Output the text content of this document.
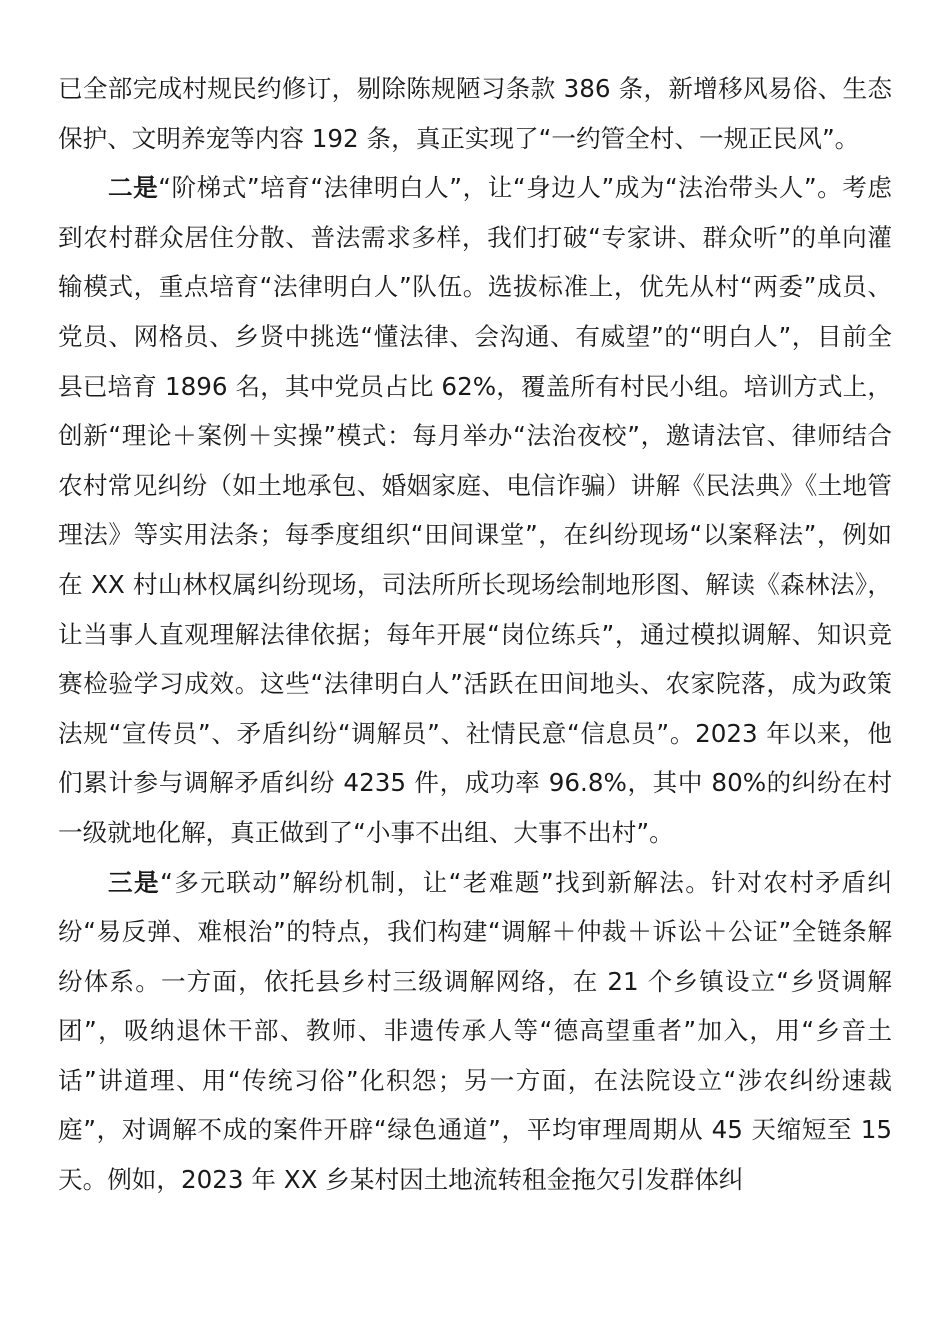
已全部完成村规民约修订，剔除陈规陋习条款 386 条，新增移风易俗、生态保护、文明养宠等内容 192 条，真正实现了“一约管全村、一规正民风”。

二是“阶梯式”培育“法律明白人”，让“身边人”成为“法治带头人”。考虑到农村群众居住分散、普法需求多样，我们打破“专家讲、群众听”的单向灌输模式，重点培育“法律明白人”队伍。选拔标准上，优先从村“两委”成员、党员、网格员、乡贤中挑选“懂法律、会沟通、有威望”的“明白人”，目前全县已培育 1896 名，其中党员占比 62%，覆盖所有村民小组。培训方式上，创新“理论＋案例＋实操”模式：每月举办“法治夜校”，邀请法官、律师结合农村常见纠纷（如土地承包、婚姻家庭、电信诈骗）讲解《民法典》《土地管理法》等实用法条；每季度组织“田间课堂”，在纠纷现场“以案释法”，例如在 XX 村山林权属纠纷现场，司法所所长现场绘制地形图、解读《森林法》，让当事人直观理解法律依据；每年开展“岗位练兵”，通过模拟调解、知识竞赛检验学习成效。这些“法律明白人”活跃在田间地头、农家院落，成为政策法规“宣传员”、矛盾纠纷“调解员”、社情民意“信息员”。2023 年以来，他们累计参与调解矛盾纠纷 4235 件，成功率 96.8%，其中 80%的纠纷在村一级就地化解，真正做到了“小事不出组、大事不出村”。

三是“多元联动”解纷机制，让“老难题”找到新解法。针对农村矛盾纠纷“易反弹、难根治”的特点，我们构建“调解＋仲裁＋诉讼＋公证”全链条解纷体系。一方面，依托县乡村三级调解网络，在 21 个乡镇设立“乡贤调解团”，吸纳退休干部、教师、非遗传承人等“德高望重者”加入，用“乡音土话”讲道理、用“传统习俗”化积怨；另一方面，在法院设立“涉农纠纷速裁庭”，对调解不成的案件开辟“绿色通道”，平均审理周期从 45 天缩短至 15 天。例如，2023 年 XX 乡某村因土地流转租金拖欠引发群体纠
